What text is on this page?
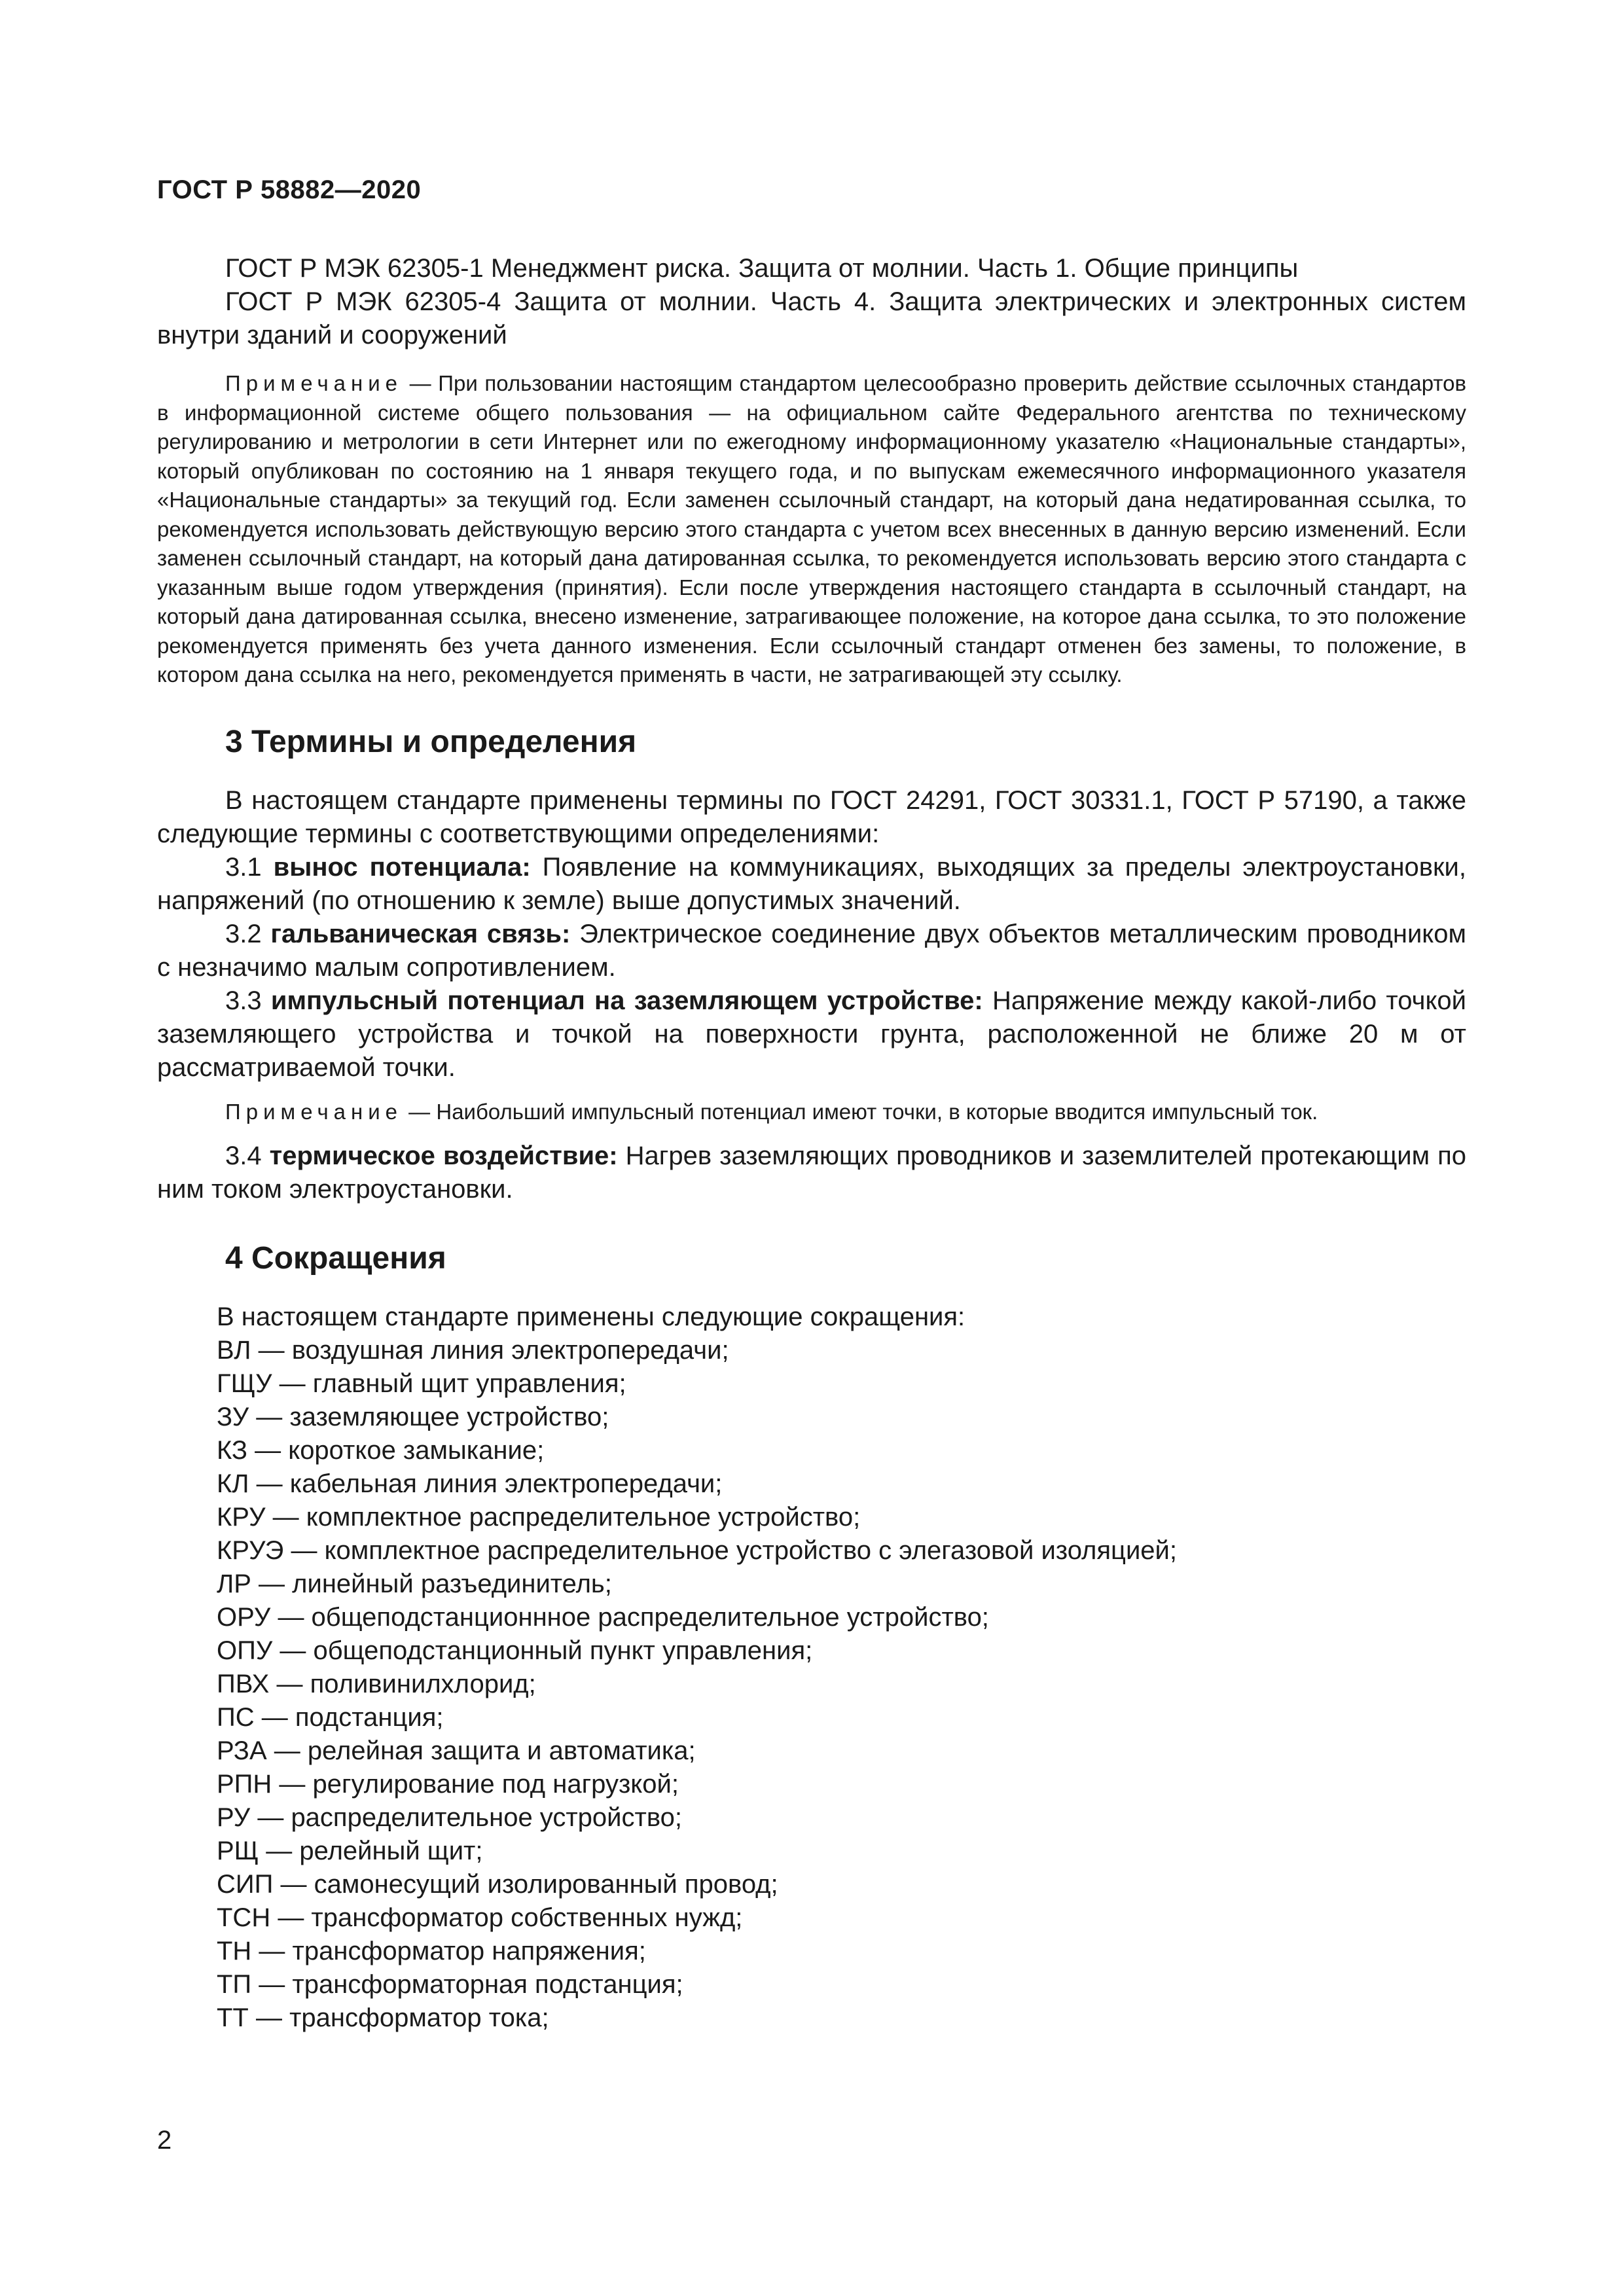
ГОСТ Р 58882—2020

ГОСТ Р МЭК 62305-1 Менеджмент риска. Защита от молнии. Часть 1. Общие принципы

ГОСТ Р МЭК 62305-4 Защита от молнии. Часть 4. Защита электрических и электронных систем внутри зданий и сооружений

Примечание — При пользовании настоящим стандартом целесообразно проверить действие ссылочных стандартов в информационной системе общего пользования — на официальном сайте Федерального агентства по техническому регулированию и метрологии в сети Интернет или по ежегодному информационному указателю «Национальные стандарты», который опубликован по состоянию на 1 января текущего года, и по выпускам ежемесячного информационного указателя «Национальные стандарты» за текущий год. Если заменен ссылочный стандарт, на который дана недатированная ссылка, то рекомендуется использовать действующую версию этого стандарта с учетом всех внесенных в данную версию изменений. Если заменен ссылочный стандарт, на который дана датированная ссылка, то рекомендуется использовать версию этого стандарта с указанным выше годом утверждения (принятия). Если после утверждения настоящего стандарта в ссылочный стандарт, на который дана датированная ссылка, внесено изменение, затрагивающее положение, на которое дана ссылка, то это положение рекомендуется применять без учета данного изменения. Если ссылочный стандарт отменен без замены, то положение, в котором дана ссылка на него, рекомендуется применять в части, не затрагивающей эту ссылку.

3 Термины и определения

В настоящем стандарте применены термины по ГОСТ 24291, ГОСТ 30331.1, ГОСТ Р 57190, а также следующие термины с соответствующими определениями:

3.1 вынос потенциала: Появление на коммуникациях, выходящих за пределы электроустановки, напряжений (по отношению к земле) выше допустимых значений.

3.2 гальваническая связь: Электрическое соединение двух объектов металлическим проводником с незначимо малым сопротивлением.

3.3 импульсный потенциал на заземляющем устройстве: Напряжение между какой-либо точкой заземляющего устройства и точкой на поверхности грунта, расположенной не ближе 20 м от рассматриваемой точки.

Примечание — Наибольший импульсный потенциал имеют точки, в которые вводится импульсный ток.

3.4 термическое воздействие: Нагрев заземляющих проводников и заземлителей протекающим по ним током электроустановки.

4 Сокращения
В настоящем стандарте применены следующие сокращения:
ВЛ — воздушная линия электропередачи;
ГЩУ — главный щит управления;
ЗУ — заземляющее устройство;
КЗ — короткое замыкание;
КЛ — кабельная линия электропередачи;
КРУ — комплектное распределительное устройство;
КРУЭ — комплектное распределительное устройство с элегазовой изоляцией;
ЛР — линейный разъединитель;
ОРУ — общеподстанционнное распределительное устройство;
ОПУ — общеподстанционный пункт управления;
ПВХ — поливинилхлорид;
ПС — подстанция;
РЗА — релейная защита и автоматика;
РПН — регулирование под нагрузкой;
РУ — распределительное устройство;
РЩ — релейный щит;
СИП — самонесущий изолированный провод;
ТСН — трансформатор собственных нужд;
ТН — трансформатор напряжения;
ТП — трансформаторная подстанция;
ТТ — трансформатор тока;
2
